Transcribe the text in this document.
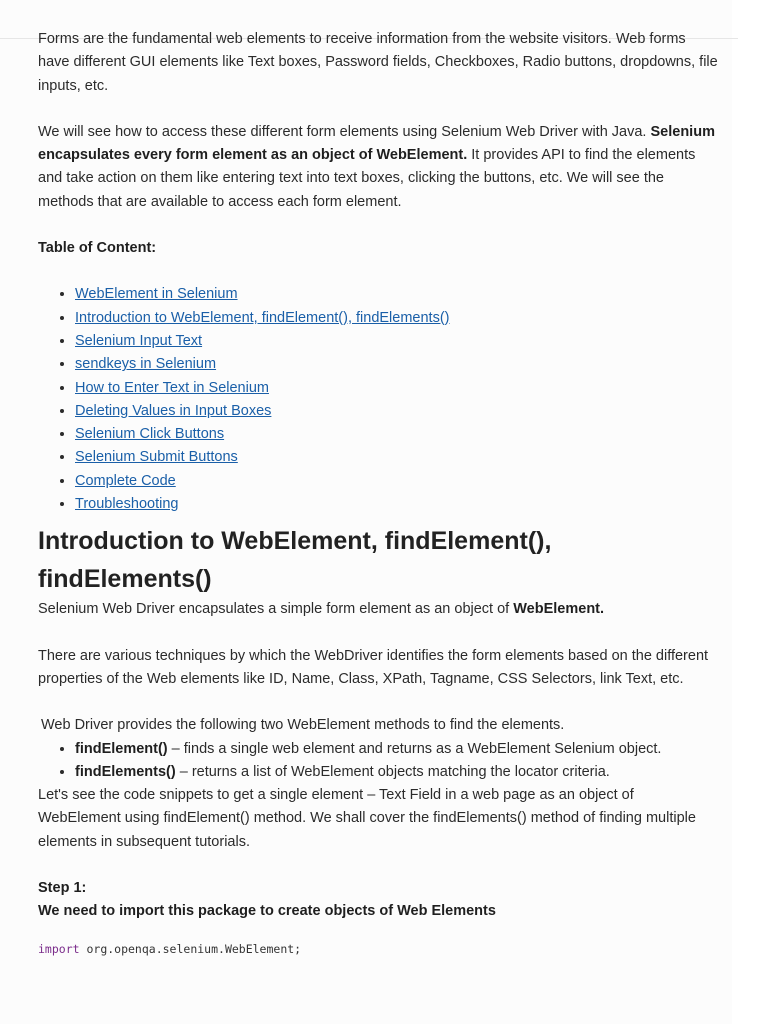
Forms are the fundamental web elements to receive information from the website visitors. Web forms have different GUI elements like Text boxes, Password fields, Checkboxes, Radio buttons, dropdowns, file inputs, etc.

We will see how to access these different form elements using Selenium Web Driver with Java. Selenium encapsulates every form element as an object of WebElement. It provides API to find the elements and take action on them like entering text into text boxes, clicking the buttons, etc. We will see the methods that are available to access each form element.

Table of Content:
• WebElement in Selenium
• Introduction to WebElement, findElement(), findElements()
• Selenium Input Text
• sendkeys in Selenium
• How to Enter Text in Selenium
• Deleting Values in Input Boxes
• Selenium Click Buttons
• Selenium Submit Buttons
• Complete Code
• Troubleshooting
Introduction to WebElement, findElement(), findElements()

Selenium Web Driver encapsulates a simple form element as an object of WebElement.

There are various techniques by which the WebDriver identifies the form elements based on the different properties of the Web elements like ID, Name, Class, XPath, Tagname, CSS Selectors, link Text, etc.

Web Driver provides the following two WebElement methods to find the elements.

• findElement() – finds a single web element and returns as a WebElement Selenium object.
• findElements() – returns a list of WebElement objects matching the locator criteria.

Let's see the code snippets to get a single element – Text Field in a web page as an object of WebElement using findElement() method. We shall cover the findElements() method of finding multiple elements in subsequent tutorials.

Step 1:
We need to import this package to create objects of Web Elements
import org.openqa.selenium.WebElement;
